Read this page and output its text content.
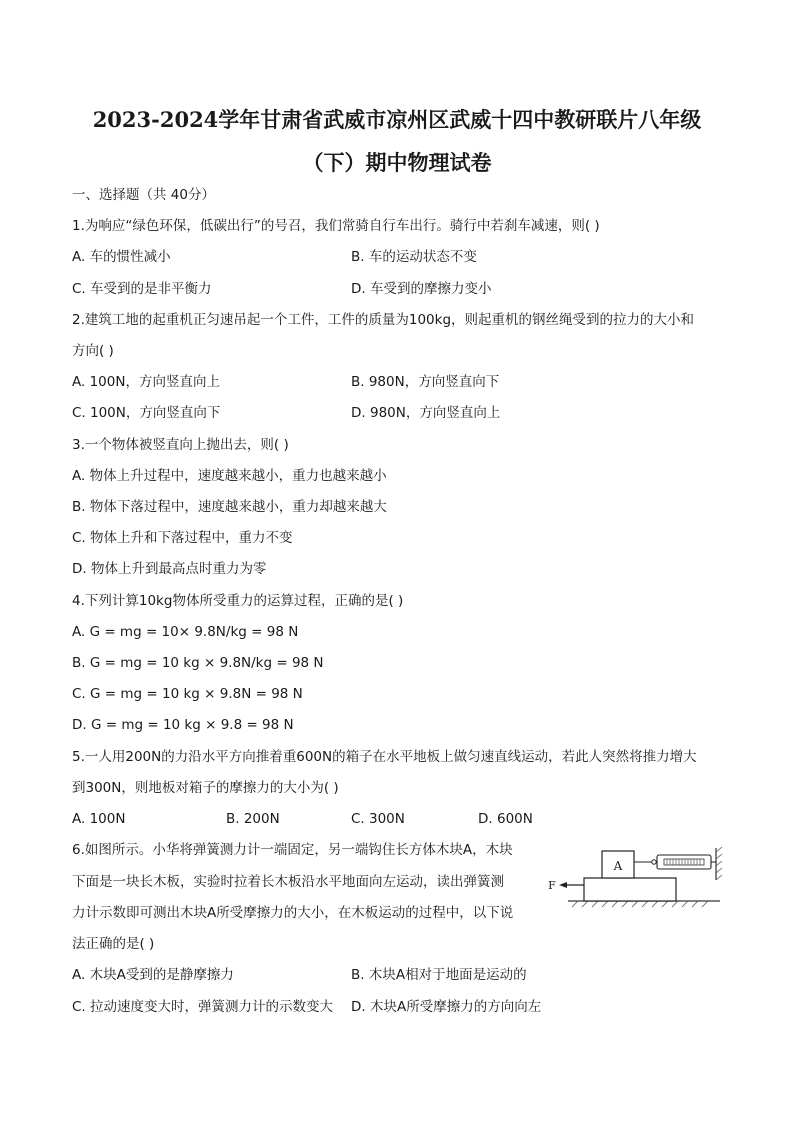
2023-2024学年甘肃省武威市凉州区武威十四中教研联片八年级
（下）期中物理试卷
一、选择题（共 40分）
1.为响应“绿色环保，低碳出行”的号召，我们常骑自行车出行。骑行中若刹车减速，则( )
A. 车的惯性减小	B. 车的运动状态不变
C. 车受到的是非平衡力	D. 车受到的摩擦力变小
2.建筑工地的起重机正匀速吊起一个工件，工件的质量为100kg，则起重机的钢丝绳受到的拉力的大小和
方向( )
A. 100N，方向竖直向上	B. 980N，方向竖直向下
C. 100N，方向竖直向下	D. 980N，方向竖直向上
3.一个物体被竖直向上抛出去，则( )
A. 物体上升过程中，速度越来越小，重力也越来越小
B. 物体下落过程中，速度越来越小，重力却越来越大
C. 物体上升和下落过程中，重力不变
D. 物体上升到最高点时重力为零
4.下列计算10kg物体所受重力的运算过程，正确的是( )
A. G = mg = 10× 9.8N/kg = 98 N
B. G = mg = 10 kg × 9.8N/kg = 98 N
C. G = mg = 10 kg × 9.8N = 98 N
D. G = mg = 10 kg × 9.8 = 98 N
5.一人用200N的力沿水平方向推着重600N的箱子在水平地板上做匀速直线运动，若此人突然将推力增大
到300N，则地板对箱子的摩擦力的大小为( )
A. 100N	B. 200N	C. 300N	D. 600N
6.如图所示。小华将弹簧测力计一端固定，另一端钩住长方体木块A，木块
下面是一块长木板，实验时拉着长木板沿水平地面向左运动，读出弹簧测
力计示数即可测出木块A所受摩擦力的大小，在木板运动的过程中，以下说
法正确的是( )
A. 木块A受到的是静摩擦力	B. 木块A相对于地面是运动的
C. 拉动速度变大时，弹簧测力计的示数变大 D. 木块A所受摩擦力的方向向左
A
F
